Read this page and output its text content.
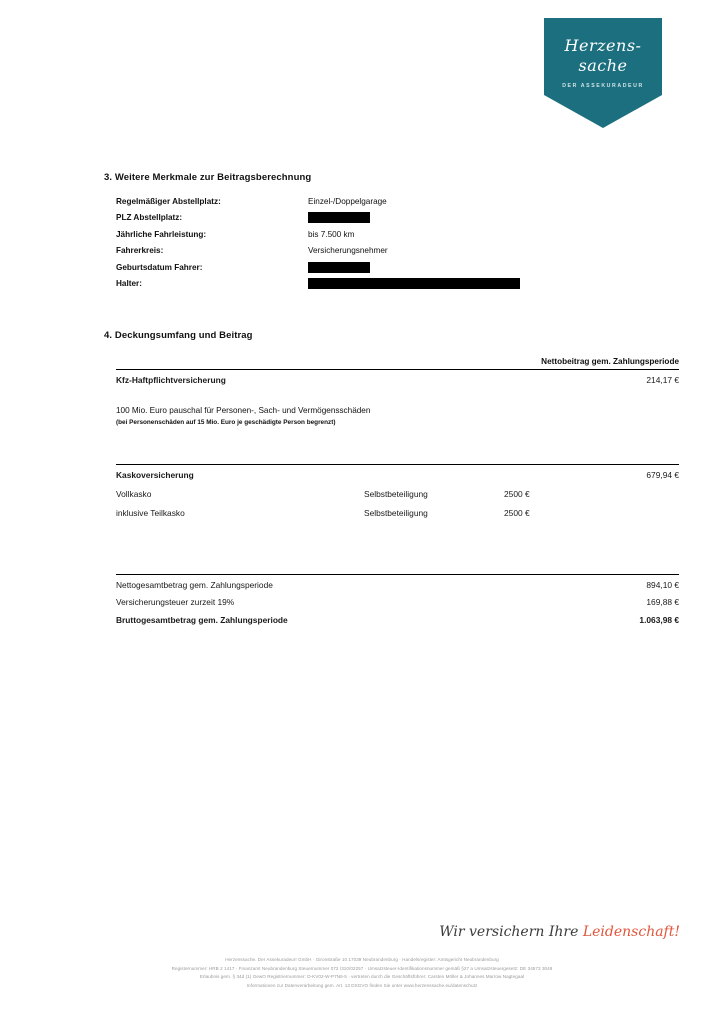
Herzens-
sache
DER ASSEKURADEUR
3. Weitere Merkmale zur Beitragsberechnung
Regelmäßiger Abstellplatz:	Einzel-/Doppelgarage
PLZ Abstellplatz:
Jährliche Fahrleistung:	bis 7.500 km
Fahrerkreis:	Versicherungsnehmer
Geburtsdatum Fahrer:
Halter:
4. Deckungsumfang und Beitrag
Nettobeitrag gem. Zahlungsperiode
Kfz-Haftpflichtversicherung	214,17 €
100 Mio. Euro pauschal für Personen-, Sach- und Vermögensschäden
(bei Personenschäden auf 15 Mio. Euro je geschädigte Person begrenzt)
Kaskoversicherung	679,94 €
Vollkasko	Selbstbeteiligung	2500 €
inklusive Teilkasko	Selbstbeteiligung	2500 €
Nettogesamtbetrag gem. Zahlungsperiode	894,10 €
Versicherungsteuer zurzeit 19%	169,88 €
Bruttogesamtbetrag gem. Zahlungsperiode	1.063,98 €
Wir versichern Ihre Leidenschaft!
Herzenssache. Der Assekuradeur! GmbH · Gironstraße 10 17039 Neubrandenburg · Handelsregister: Amtsgericht Neubrandenburg
Registernummer: HRB 2 1417 · Finanzamt Neubrandenburg Steuernummer 072 /310/02257 · Umsatzsteuer-Identifikationsnummer gemäß §27 a Umsatzsteuergesetz: DE 34573 3048
Erlaubnis gem. § 34d (1) GewO Registriernummer: D-KV02-W-P7N6-5 · vertreten durch die Geschäftsführer: Carsten Möller & Johannes Marrow Nagtegaal
Informationen zur Datenverarbeitung gem. Art. 13 DSGVO finden Sie unter www.herzenssache.eu/datenschutz
